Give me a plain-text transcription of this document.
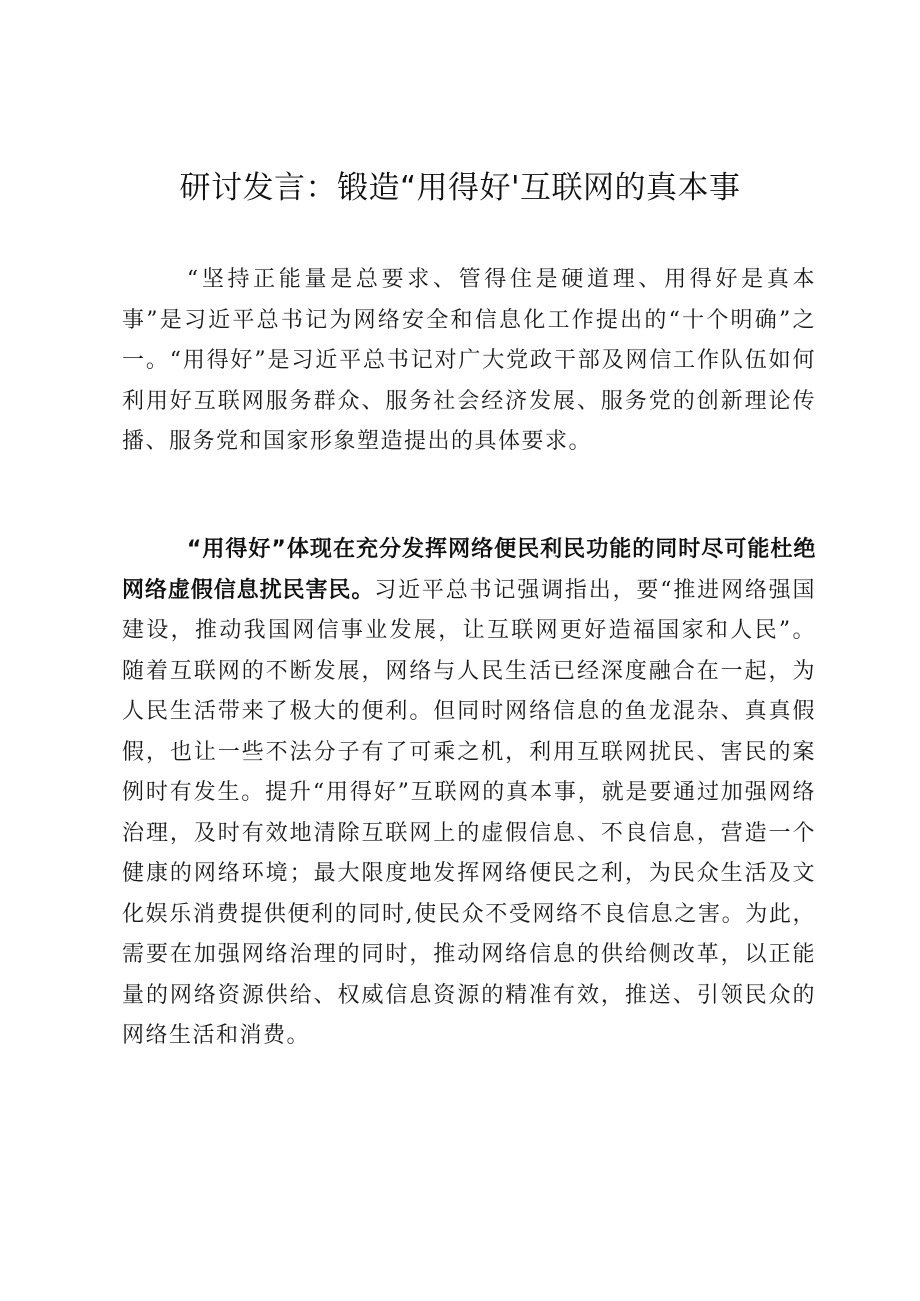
研讨发言：锻造“用得好'互联网的真本事

“坚持正能量是总要求、管得住是硬道理、用得好是真本事”是习近平总书记为网络安全和信息化工作提出的“十个明确”之一。“用得好”是习近平总书记对广大党政干部及网信工作队伍如何利用好互联网服务群众、服务社会经济发展、服务党的创新理论传播、服务党和国家形象塑造提出的具体要求。

“用得好”体现在充分发挥网络便民利民功能的同时尽可能杜绝网络虚假信息扰民害民。习近平总书记强调指出，要“推进网络强国建设，推动我国网信事业发展，让互联网更好造福国家和人民”。随着互联网的不断发展，网络与人民生活已经深度融合在一起，为人民生活带来了极大的便利。但同时网络信息的鱼龙混杂、真真假假，也让一些不法分子有了可乘之机，利用互联网扰民、害民的案例时有发生。提升“用得好”互联网的真本事，就是要通过加强网络治理，及时有效地清除互联网上的虚假信息、不良信息，营造一个健康的网络环境；最大限度地发挥网络便民之利，为民众生活及文化娱乐消费提供便利的同时,使民众不受网络不良信息之害。为此，需要在加强网络治理的同时，推动网络信息的供给侧改革，以正能量的网络资源供给、权威信息资源的精准有效，推送、引领民众的网络生活和消费。
